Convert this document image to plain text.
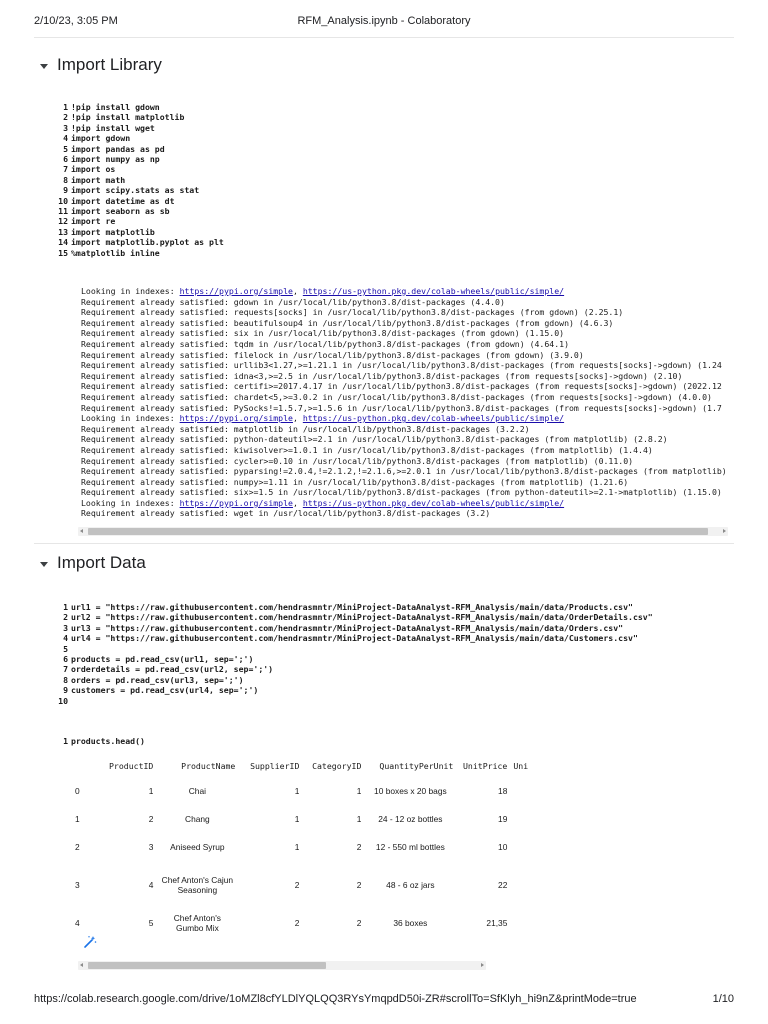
2/10/23, 3:05 PM	RFM_Analysis.ipynb - Colaboratory
Import Library
1 !pip install gdown
2 !pip install matplotlib
3 !pip install wget
4 import gdown
5 import pandas as pd
6 import numpy as np
7 import os
8 import math
9 import scipy.stats as stat
10 import datetime as dt
11 import seaborn as sb
12 import re
13 import matplotlib
14 import matplotlib.pyplot as plt
15 %matplotlib inline
Looking in indexes: https://pypi.org/simple, https://us-python.pkg.dev/colab-wheels/public/simple/
Requirement already satisfied: gdown in /usr/local/lib/python3.8/dist-packages (4.4.0)
Requirement already satisfied: requests[socks] in /usr/local/lib/python3.8/dist-packages (from gdown) (2.25.1)
Requirement already satisfied: beautifulsoup4 in /usr/local/lib/python3.8/dist-packages (from gdown) (4.6.3)
Requirement already satisfied: six in /usr/local/lib/python3.8/dist-packages (from gdown) (1.15.0)
Requirement already satisfied: tqdm in /usr/local/lib/python3.8/dist-packages (from gdown) (4.64.1)
Requirement already satisfied: filelock in /usr/local/lib/python3.8/dist-packages (from gdown) (3.9.0)
Requirement already satisfied: urllib3<1.27,>=1.21.1 in /usr/local/lib/python3.8/dist-packages (from requests[socks]->gdown) (1.24
Requirement already satisfied: idna<3,>=2.5 in /usr/local/lib/python3.8/dist-packages (from requests[socks]->gdown) (2.10)
Requirement already satisfied: certifi>=2017.4.17 in /usr/local/lib/python3.8/dist-packages (from requests[socks]->gdown) (2022.12
Requirement already satisfied: chardet<5,>=3.0.2 in /usr/local/lib/python3.8/dist-packages (from requests[socks]->gdown) (4.0.0)
Requirement already satisfied: PySocks!=1.5.7,>=1.5.6 in /usr/local/lib/python3.8/dist-packages (from requests[socks]->gdown) (1.7
Looking in indexes: https://pypi.org/simple, https://us-python.pkg.dev/colab-wheels/public/simple/
Requirement already satisfied: matplotlib in /usr/local/lib/python3.8/dist-packages (3.2.2)
Requirement already satisfied: python-dateutil>=2.1 in /usr/local/lib/python3.8/dist-packages (from matplotlib) (2.8.2)
Requirement already satisfied: kiwisolver>=1.0.1 in /usr/local/lib/python3.8/dist-packages (from matplotlib) (1.4.4)
Requirement already satisfied: cycler>=0.10 in /usr/local/lib/python3.8/dist-packages (from matplotlib) (0.11.0)
Requirement already satisfied: pyparsing!=2.0.4,!=2.1.2,!=2.1.6,>=2.0.1 in /usr/local/lib/python3.8/dist-packages (from matplotlib)
Requirement already satisfied: numpy>=1.11 in /usr/local/lib/python3.8/dist-packages (from matplotlib) (1.21.6)
Requirement already satisfied: six>=1.5 in /usr/local/lib/python3.8/dist-packages (from python-dateutil>=2.1->matplotlib) (1.15.0)
Looking in indexes: https://pypi.org/simple, https://us-python.pkg.dev/colab-wheels/public/simple/
Requirement already satisfied: wget in /usr/local/lib/python3.8/dist-packages (3.2)
Import Data
1 url1 = "https://raw.githubusercontent.com/hendrasmntr/MiniProject-DataAnalyst-RFM_Analysis/main/data/Products.csv"
2 url2 = "https://raw.githubusercontent.com/hendrasmntr/MiniProject-DataAnalyst-RFM_Analysis/main/data/OrderDetails.csv"
3 url3 = "https://raw.githubusercontent.com/hendrasmntr/MiniProject-DataAnalyst-RFM_Analysis/main/data/Orders.csv"
4 url4 = "https://raw.githubusercontent.com/hendrasmntr/MiniProject-DataAnalyst-RFM_Analysis/main/data/Customers.csv"
5
6 products = pd.read_csv(url1, sep=';')
7 orderdetails = pd.read_csv(url2, sep=';')
8 orders = pd.read_csv(url3, sep=';')
9 customers = pd.read_csv(url4, sep=';')
10
1 products.head()
	ProductID	ProductName	SupplierID	CategoryID	QuantityPerUnit	UnitPrice	Uni
0	1	Chai	1	1	10 boxes x 20 bags	18	
1	2	Chang	1	1	24 - 12 oz bottles	19	
2	3	Aniseed Syrup	1	2	12 - 550 ml bottles	10	
3	4	Chef Anton's Cajun Seasoning	2	2	48 - 6 oz jars	22	
4	5	Chef Anton's Gumbo Mix	2	2	36 boxes	21,35	
https://colab.research.google.com/drive/1oMZl8cfYLDlYQLQQ3RYsYmqpdD50i-ZR#scrollTo=SfKlyh_hi9nZ&printMode=true	1/10
